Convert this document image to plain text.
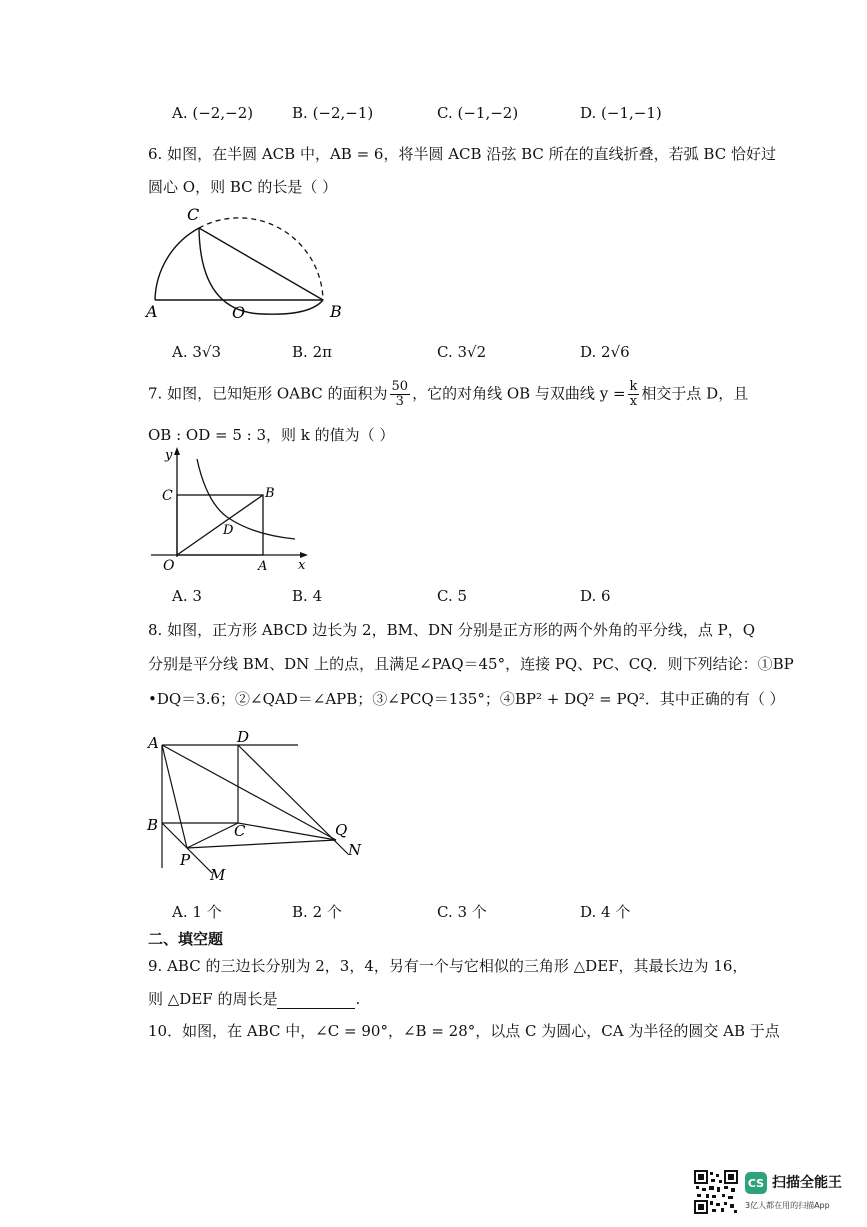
A. (−2,−2)	B. (−2,−1)	C. (−1,−2)	D. (−1,−1)
6. 如图，在半圆 ACB 中，AB = 6，将半圆 ACB 沿弦 BC 所在的直线折叠，若弧 BC 恰好过
圆心 O，则 BC 的长是（ ）
C
A	O	B
A. 3√3	B. 2π	C. 3√2	D. 2√6
7. 如图，已知矩形 OABC 的面积为 $\frac{50}{3}$ ，它的对角线 OB 与双曲线 $y = \frac{k}{x}$ 相交于点 D，且
OB : OD = 5 : 3，则 k 的值为（ ）
y
C	B
D
O	A x
A. 3	B. 4	C. 5	D. 6
8. 如图，正方形 ABCD 边长为 2，BM、DN 分别是正方形的两个外角的平分线，点 P，Q
分别是平分线 BM、DN 上的点，且满足∠PAQ＝45°，连接 PQ、PC、CQ．则下列结论：①BP
•DQ＝3.6；②∠QAD＝∠APB；③∠PCQ＝135°；④BP² + DQ² = PQ²．其中正确的有（ ）
A	D
B	C	Q
N
P
M
A. 1 个	B. 2 个	C. 3 个	D. 4 个
二、填空题
9. ABC 的三边长分别为 2，3，4，另有一个与它相似的三角形 △DEF，其最长边为 16，
则 △DEF 的周长是	.
10．如图，在 ABC 中，∠C = 90°，∠B = 28°，以点 C 为圆心，CA 为半径的圆交 AB 于点
CS 扫描全能王
3亿人都在用的扫描App
